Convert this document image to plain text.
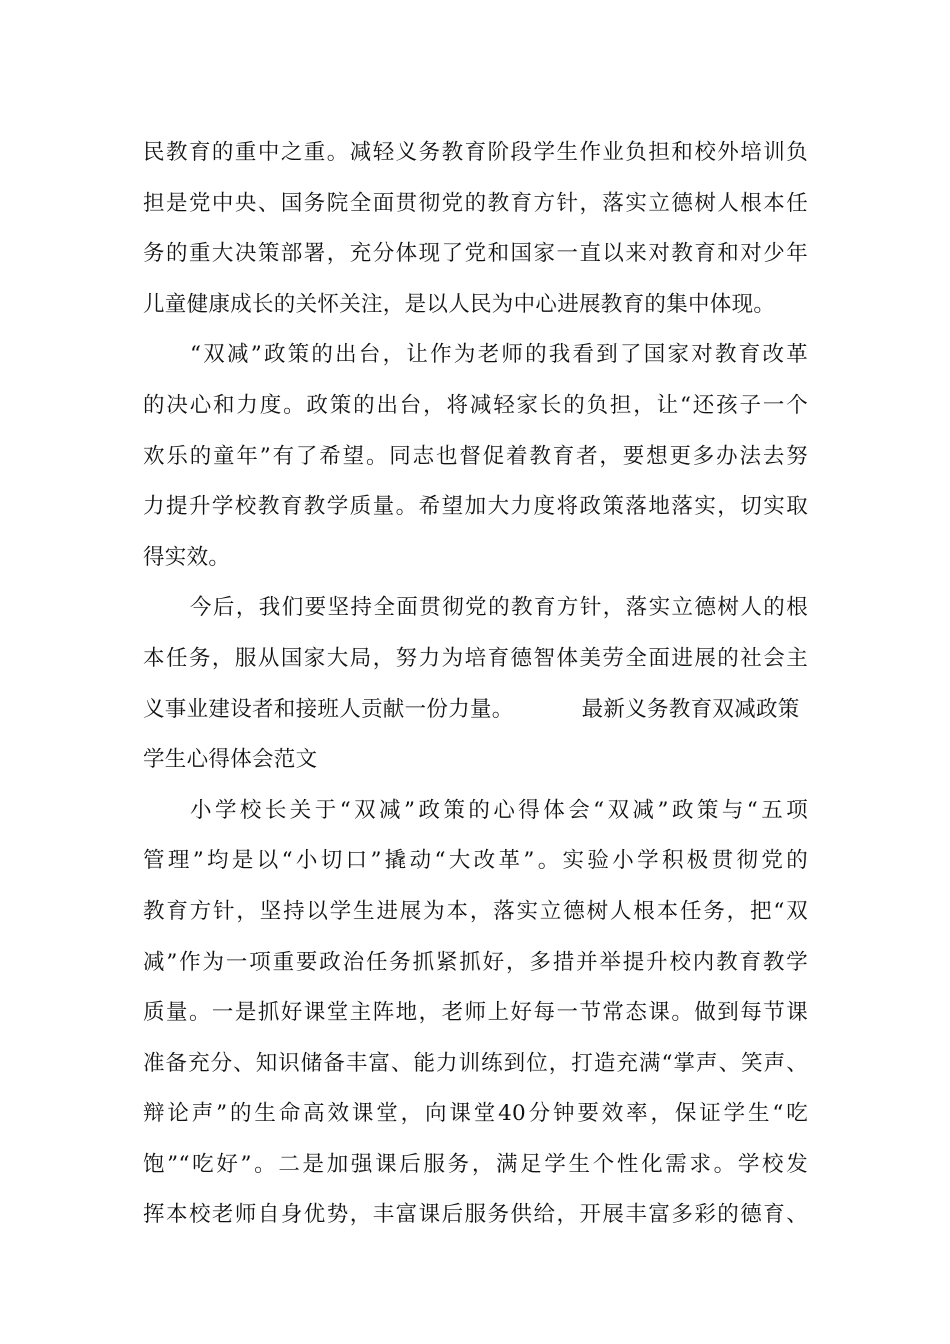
民教育的重中之重。减轻义务教育阶段学生作业负担和校外培训负
担是党中央、国务院全面贯彻党的教育方针，落实立德树人根本任
务的重大决策部署，充分体现了党和国家一直以来对教育和对少年
儿童健康成长的关怀关注，是以人民为中心进展教育的集中体现。
“双减”政策的出台，让作为老师的我看到了国家对教育改革
的决心和力度。政策的出台，将减轻家长的负担，让“还孩子一个
欢乐的童年”有了希望。同志也督促着教育者，要想更多办法去努
力提升学校教育教学质量。希望加大力度将政策落地落实，切实取
得实效。
今后，我们要坚持全面贯彻党的教育方针，落实立德树人的根
本任务，服从国家大局，努力为培育德智体美劳全面进展的社会主
义事业建设者和接班人贡献一份力量。	最新义务教育双减政策
学生心得体会范文
小学校长关于“双减”政策的心得体会“双减”政策与“五项
管理”均是以“小切口”撬动“大改革”。实验小学积极贯彻党的
教育方针，坚持以学生进展为本，落实立德树人根本任务，把“双
减”作为一项重要政治任务抓紧抓好，多措并举提升校内教育教学
质量。一是抓好课堂主阵地，老师上好每一节常态课。做到每节课
准备充分、知识储备丰富、能力训练到位，打造充满“掌声、笑声、
辩论声”的生命高效课堂，向课堂40分钟要效率，保证学生“吃
饱”“吃好”。二是加强课后服务，满足学生个性化需求。学校发
挥本校老师自身优势，丰富课后服务供给，开展丰富多彩的德育、
